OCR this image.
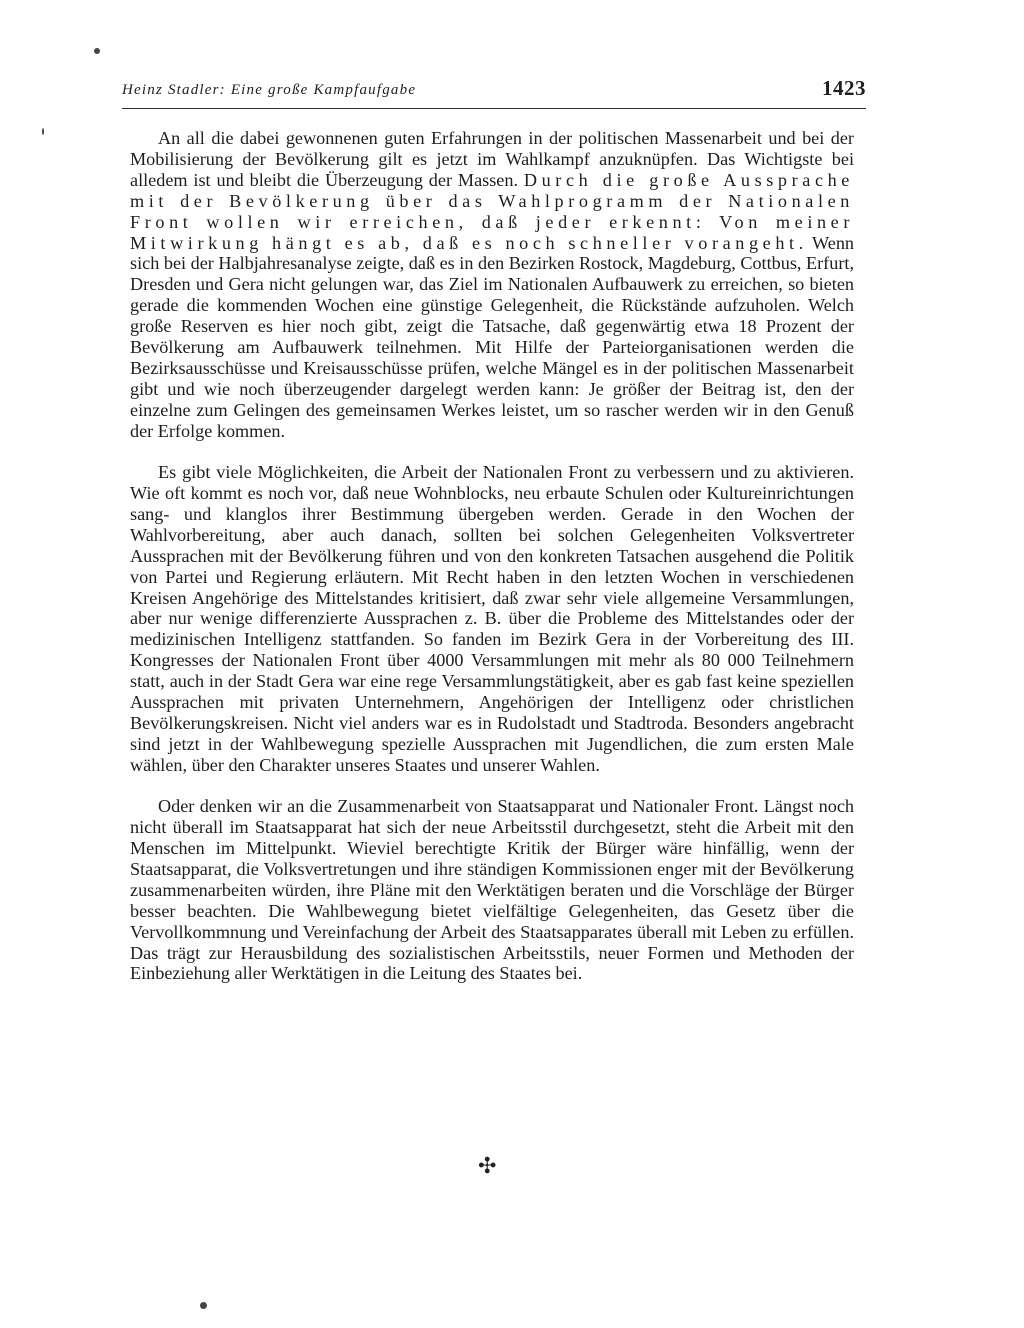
Heinz Stadler: Eine große Kampfaufgabe	1423

An all die dabei gewonnenen guten Erfahrungen in der politischen Massenarbeit und bei der Mobilisierung der Bevölkerung gilt es jetzt im Wahlkampf anzuknüpfen. Das Wichtigste bei alledem ist und bleibt die Überzeugung der Massen. Durch die große Aussprache mit der Bevölkerung über das Wahlprogramm der Nationalen Front wollen wir erreichen, daß jeder erkennt: Von meiner Mitwirkung hängt es ab, daß es noch schneller vorangeht. Wenn sich bei der Halbjahresanalyse zeigte, daß es in den Bezirken Rostock, Magdeburg, Cottbus, Erfurt, Dresden und Gera nicht gelungen war, das Ziel im Nationalen Aufbauwerk zu erreichen, so bieten gerade die kommenden Wochen eine günstige Gelegenheit, die Rückstände aufzuholen. Welch große Reserven es hier noch gibt, zeigt die Tatsache, daß gegenwärtig etwa 18 Prozent der Bevölkerung am Aufbauwerk teilnehmen. Mit Hilfe der Parteiorganisationen werden die Bezirksausschüsse und Kreisausschüsse prüfen, welche Mängel es in der politischen Massenarbeit gibt und wie noch überzeugender dargelegt werden kann: Je größer der Beitrag ist, den der einzelne zum Gelingen des gemeinsamen Werkes leistet, um so rascher werden wir in den Genuß der Erfolge kommen.

Es gibt viele Möglichkeiten, die Arbeit der Nationalen Front zu verbessern und zu aktivieren. Wie oft kommt es noch vor, daß neue Wohnblocks, neu erbaute Schulen oder Kultureinrichtungen sang- und klanglos ihrer Bestimmung übergeben werden. Gerade in den Wochen der Wahlvorbereitung, aber auch danach, sollten bei solchen Gelegenheiten Volksvertreter Aussprachen mit der Bevölkerung führen und von den konkreten Tatsachen ausgehend die Politik von Partei und Regierung erläutern. Mit Recht haben in den letzten Wochen in verschiedenen Kreisen Angehörige des Mittelstandes kritisiert, daß zwar sehr viele allgemeine Versammlungen, aber nur wenige differenzierte Aussprachen z. B. über die Probleme des Mittelstandes oder der medizinischen Intelligenz stattfanden. So fanden im Bezirk Gera in der Vorbereitung des III. Kongresses der Nationalen Front über 4000 Versammlungen mit mehr als 80 000 Teilnehmern statt, auch in der Stadt Gera war eine rege Versammlungstätigkeit, aber es gab fast keine speziellen Aussprachen mit privaten Unternehmern, Angehörigen der Intelligenz oder christlichen Bevölkerungskreisen. Nicht viel anders war es in Rudolstadt und Stadtroda. Besonders angebracht sind jetzt in der Wahlbewegung spezielle Aussprachen mit Jugendlichen, die zum ersten Male wählen, über den Charakter unseres Staates und unserer Wahlen.

Oder denken wir an die Zusammenarbeit von Staatsapparat und Nationaler Front. Längst noch nicht überall im Staatsapparat hat sich der neue Arbeitsstil durchgesetzt, steht die Arbeit mit den Menschen im Mittelpunkt. Wieviel berechtigte Kritik der Bürger wäre hinfällig, wenn der Staatsapparat, die Volksvertretungen und ihre ständigen Kommissionen enger mit der Bevölkerung zusammenarbeiten würden, ihre Pläne mit den Werktätigen beraten und die Vorschläge der Bürger besser beachten. Die Wahlbewegung bietet vielfältige Gelegenheiten, das Gesetz über die Vervollkommnung und Vereinfachung der Arbeit des Staatsapparates überall mit Leben zu erfüllen. Das trägt zur Herausbildung des sozialistischen Arbeitsstils, neuer Formen und Methoden der Einbeziehung aller Werktätigen in die Leitung des Staates bei.

✣
